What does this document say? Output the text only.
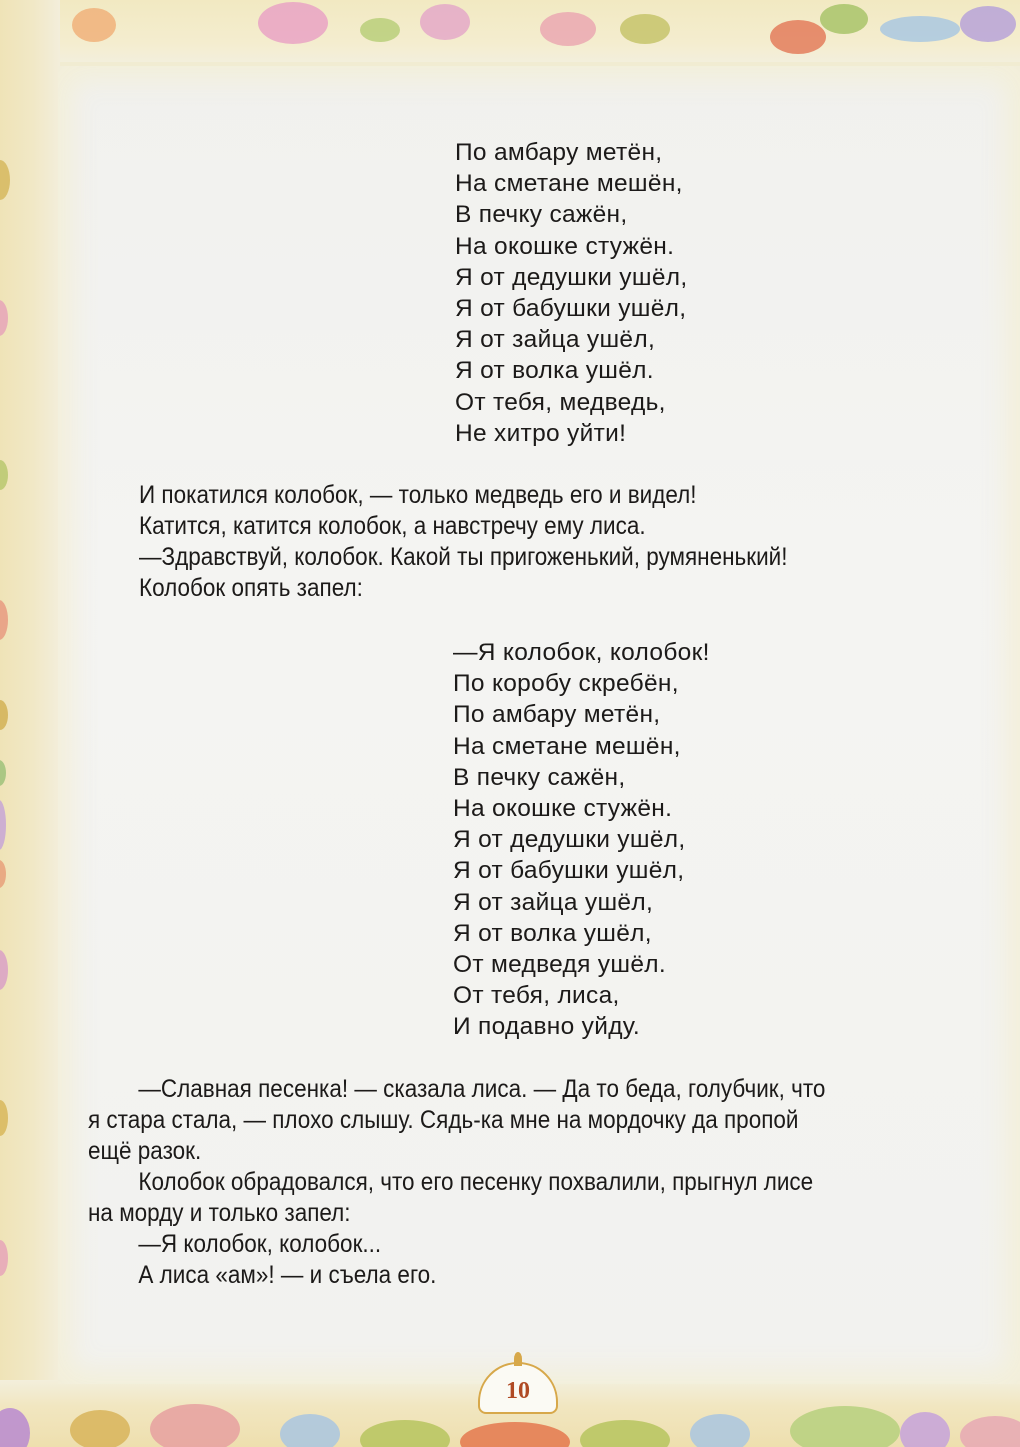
По амбару метён,
На сметане мешён,
В печку сажён,
На окошке стужён.
Я от дедушки ушёл,
Я от бабушки ушёл,
Я от зайца ушёл,
Я от волка ушёл.
От тебя, медведь,
Не хитро уйти!
И покатился колобок, — только медведь его и видел!
Катится, катится колобок, а навстречу ему лиса.
—Здравствуй, колобок. Какой ты пригоженький, румяненький!
Колобок опять запел:
—Я колобок, колобок!
По коробу скребён,
По амбару метён,
На сметане мешён,
В печку сажён,
На окошке стужён.
Я от дедушки ушёл,
Я от бабушки ушёл,
Я от зайца ушёл,
Я от волка ушёл,
От медведя ушёл.
От тебя, лиса,
И подавно уйду.
—Славная песенка! — сказала лиса. — Да то беда, голубчик, что
я стара стала, — плохо слышу. Сядь-ка мне на мордочку да пропой
ещё разок.
Колобок обрадовался, что его песенку похвалили, прыгнул лисе
на морду и только запел:
—Я колобок, колобок...
А лиса «ам»! — и съела его.
10
